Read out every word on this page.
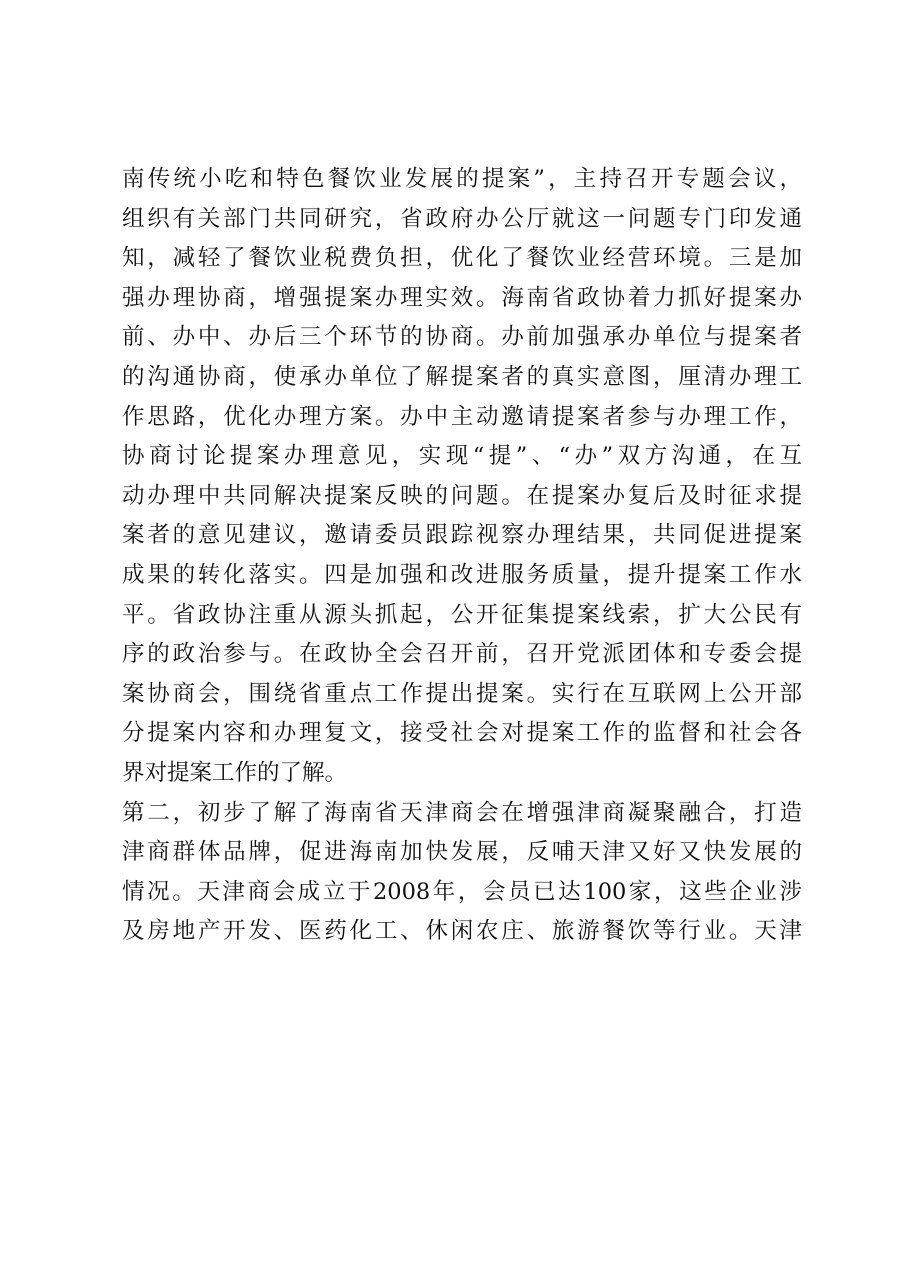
南传统小吃和特色餐饮业发展的提案”，主持召开专题会议，
组织有关部门共同研究，省政府办公厅就这一问题专门印发通
知，减轻了餐饮业税费负担，优化了餐饮业经营环境。三是加
强办理协商，增强提案办理实效。海南省政协着力抓好提案办
前、办中、办后三个环节的协商。办前加强承办单位与提案者
的沟通协商，使承办单位了解提案者的真实意图，厘清办理工
作思路，优化办理方案。办中主动邀请提案者参与办理工作，
协商讨论提案办理意见，实现“提”、“办”双方沟通，在互
动办理中共同解决提案反映的问题。在提案办复后及时征求提
案者的意见建议，邀请委员跟踪视察办理结果，共同促进提案
成果的转化落实。四是加强和改进服务质量，提升提案工作水
平。省政协注重从源头抓起，公开征集提案线索，扩大公民有
序的政治参与。在政协全会召开前，召开党派团体和专委会提
案协商会，围绕省重点工作提出提案。实行在互联网上公开部
分提案内容和办理复文，接受社会对提案工作的监督和社会各
界对提案工作的了解。
第二，初步了解了海南省天津商会在增强津商凝聚融合，打造
津商群体品牌，促进海南加快发展，反哺天津又好又快发展的
情况。天津商会成立于2008年，会员已达100家，这些企业涉
及房地产开发、医药化工、休闲农庄、旅游餐饮等行业。天津
